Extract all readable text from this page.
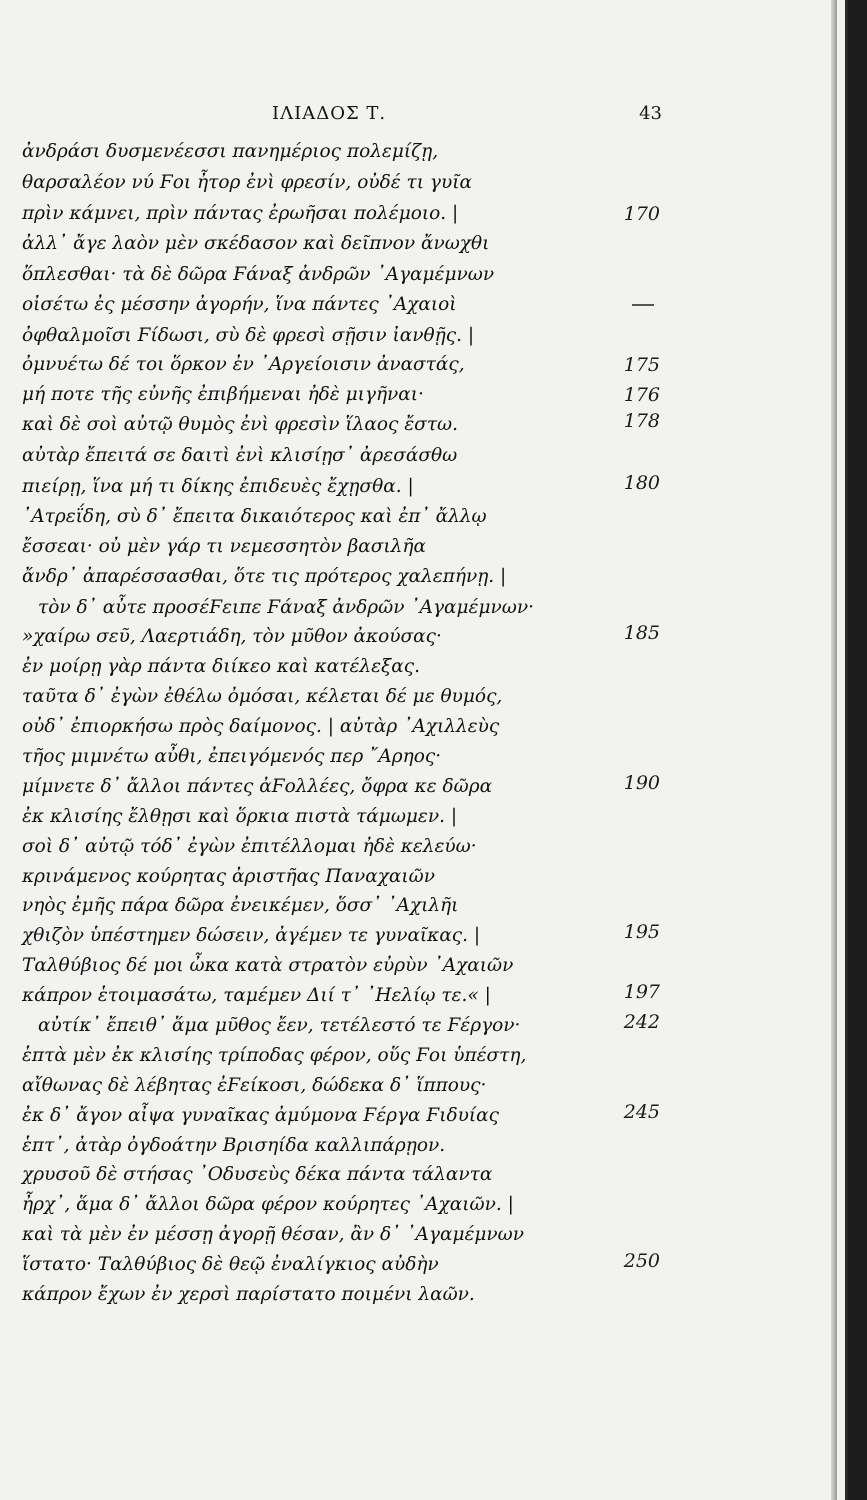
ΙΛΙΑΔΟΣ Τ.	43
ἀνδράσι δυσμενέεσσι πανημέριος πολεμίζῃ,
θαρσαλέον νύ Ϝοι ἦτορ ἐνὶ φρεσίν, οὐδέ τι γυῖα
πρὶν κάμνει, πρὶν πάντας ἐρωῆσαι πολέμοιο. |
ἀλλ᾽ ἄγε λαὸν μὲν σκέδασον καὶ δεῖπνον ἄνωχθι
ὅπλεσθαι· τὰ δὲ δῶρα Ϝάναξ ἀνδρῶν ᾽Αγαμέμνων
οἰσέτω ἐς μέσσην ἀγορήν, ἵνα πάντες ᾽Αχαιοὶ
ὀφθαλμοῖσι Ϝίδωσι, σὺ δὲ φρεσὶ σῇσιν ἰανθῇς. |
ὀμνυέτω δέ τοι ὅρκον ἐν ᾽Αργείοισιν ἀναστάς,
μή ποτε τῆς εὐνῆς ἐπιβήμεναι ἠδὲ μιγῆναι·
καὶ δὲ σοὶ αὐτῷ θυμὸς ἐνὶ φρεσὶν ἵλαος ἔστω.
αὐτὰρ ἔπειτά σε δαιτὶ ἐνὶ κλισίῃσ᾽ ἀρεσάσθω
πιείρῃ, ἵνα μή τι δίκης ἐπιδευὲς ἔχῃσθα. |
᾽Ατρεΐδη, σὺ δ᾽ ἔπειτα δικαιότερος καὶ ἐπ᾽ ἄλλῳ
ἔσσεαι· οὐ μὲν γάρ τι νεμεσσητὸν βασιλῆα
ἄνδρ᾽ ἀπαρέσσασθαι, ὅτε τις πρότερος χαλεπήνῃ. |
τὸν δ᾽ αὖτε προσέϜειπε Ϝάναξ ἀνδρῶν ᾽Αγαμέμνων·
»χαίρω σεῦ, Λαερτιάδη, τὸν μῦθον ἀκούσας·
ἐν μοίρῃ γὰρ πάντα διίκεο καὶ κατέλεξας.
ταῦτα δ᾽ ἐγὼν ἐθέλω ὀμόσαι, κέλεται δέ με θυμός,
οὐδ᾽ ἐπιορκήσω πρὸς δαίμονος. | αὐτὰρ ᾽Αχιλλεὺς
τῆος μιμνέτω αὖθι, ἐπειγόμενός περ ῎Αρηος·
μίμνετε δ᾽ ἄλλοι πάντες ἀϜολλέες, ὄφρα κε δῶρα
ἐκ κλισίης ἔλθῃσι καὶ ὅρκια πιστὰ τάμωμεν. |
σοὶ δ᾽ αὐτῷ τόδ᾽ ἐγὼν ἐπιτέλλομαι ἠδὲ κελεύω·
κρινάμενος κούρητας ἀριστῆας Παναχαιῶν
νηὸς ἐμῆς πάρα δῶρα ἐνεικέμεν, ὅσσ᾽ ᾽Αχιλῆι
χθιζὸν ὑπέστημεν δώσειν, ἀγέμεν τε γυναῖκας. |
Ταλθύβιος δέ μοι ὦκα κατὰ στρατὸν εὐρὺν ᾽Αχαιῶν
κάπρον ἑτοιμασάτω, ταμέμεν Διί τ᾽ ᾽Ηελίῳ τε.« |
αὐτίκ᾽ ἔπειθ᾽ ἅμα μῦθος ἔεν, τετέλεστό τε Ϝέργον·
ἑπτὰ μὲν ἐκ κλισίης τρίποδας φέρον, οὕς Ϝοι ὑπέστη,
αἴθωνας δὲ λέβητας ἐϜείκοσι, δώδεκα δ᾽ ἵππους·
ἐκ δ᾽ ἄγον αἶψα γυναῖκας ἀμύμονα Ϝέργα Ϝιδυίας
ἑπτ᾽, ἀτὰρ ὀγδοάτην Βρισηίδα καλλιπάρῃον.
χρυσοῦ δὲ στήσας ᾽Οδυσεὺς δέκα πάντα τάλαντα
ἦρχ᾽, ἅμα δ᾽ ἄλλοι δῶρα φέρον κούρητες ᾽Αχαιῶν. |
καὶ τὰ μὲν ἐν μέσσῃ ἀγορῇ θέσαν, ἂν δ᾽ ᾽Αγαμέμνων
ἵστατο· Ταλθύβιος δὲ θεῷ ἐναλίγκιος αὐδὴν
κάπρον ἔχων ἐν χερσὶ παρίστατο ποιμένι λαῶν.
170
175
176
178
180
185
190
195
197
242
245
250
